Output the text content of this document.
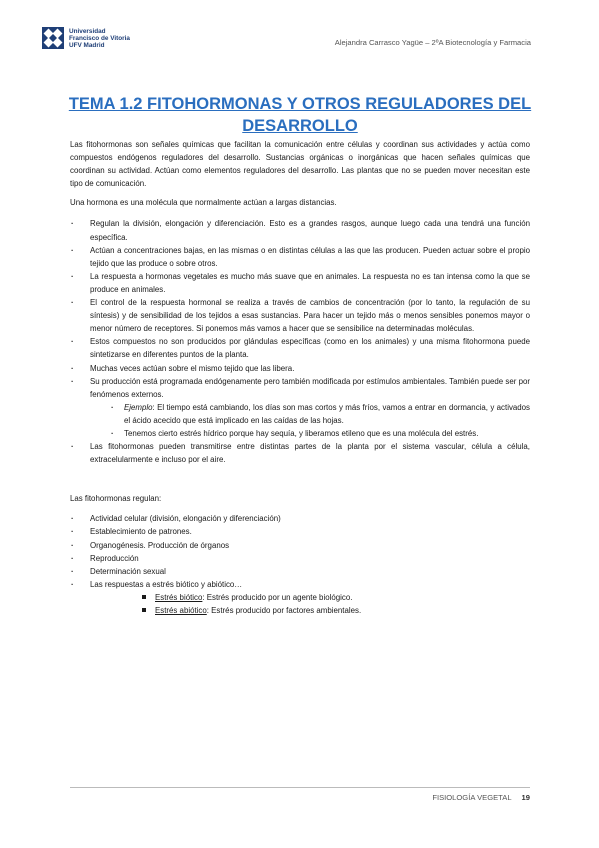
Universidad
Francisco de Vitoria
UFV Madrid	Alejandra Carrasco Yagüe – 2ºA Biotecnología y Farmacia
TEMA 1.2 FITOHORMONAS Y OTROS REGULADORES DEL DESARROLLO

Las fitohormonas son señales químicas que facilitan la comunicación entre células y coordinan sus actividades y actúa como compuestos endógenos reguladores del desarrollo. Sustancias orgánicas o inorgánicas que hacen señales químicas que coordinan su actividad. Actúan como elementos reguladores del desarrollo. Las plantas que no se pueden mover necesitan este tipo de comunicación.

Una hormona es una molécula que normalmente actúan a largas distancias.

· Regulan la división, elongación y diferenciación. Esto es a grandes rasgos, aunque luego cada una tendrá una función específica.
· Actúan a concentraciones bajas, en las mismas o en distintas células a las que las producen. Pueden actuar sobre el propio tejido que las produce o sobre otros.
· La respuesta a hormonas vegetales es mucho más suave que en animales. La respuesta no es tan intensa como la que se produce en animales.
· El control de la respuesta hormonal se realiza a través de cambios de concentración (por lo tanto, la regulación de su síntesis) y de sensibilidad de los tejidos a esas sustancias. Para hacer un tejido más o menos sensibles ponemos mayor o menor número de receptores. Si ponemos más vamos a hacer que se sensibilice na determinadas moléculas.
· Estos compuestos no son producidos por glándulas específicas (como en los animales) y una misma fitohormona puede sintetizarse en diferentes puntos de la planta.
· Muchas veces actúan sobre el mismo tejido que las libera.
· Su producción está programada endógenamente pero también modificada por estímulos ambientales. También puede ser por fenómenos externos.
· Ejemplo: El tiempo está cambiando, los días son mas cortos y más fríos, vamos a entrar en dormancia, y activados el ácido acecido que está implicado en las caídas de las hojas.
· Tenemos cierto estrés hídrico porque hay sequía, y liberamos etileno que es una molécula del estrés.
· Las fitohormonas pueden transmitirse entre distintas partes de la planta por el sistema vascular, célula a célula, extracelularmente e incluso por el aire.

Las fitohormonas regulan:

· Actividad celular (división, elongación y diferenciación)
· Establecimiento de patrones.
· Organogénesis. Producción de órganos
· Reproducción
· Determinación sexual
· Las respuestas a estrés biótico y abiótico…
Estrés biótico: Estrés producido por un agente biológico.
Estrés abiótico: Estrés producido por factores ambientales.
FISIOLOGÍA VEGETAL 19
